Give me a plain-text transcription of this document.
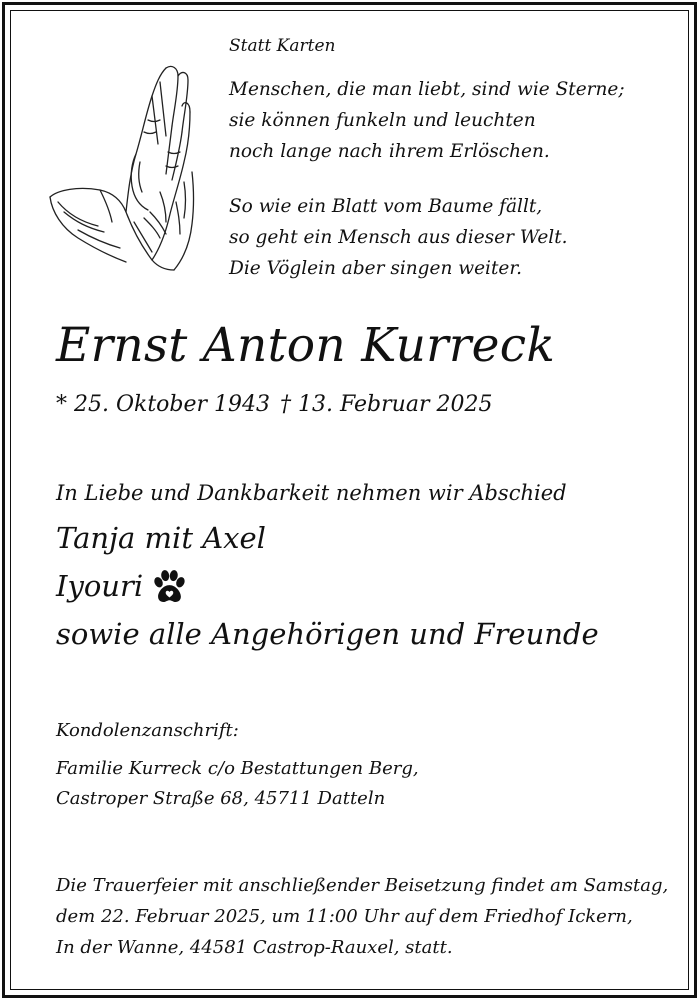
Statt Karten
Menschen, die man liebt, sind wie Sterne;
sie können funkeln und leuchten
noch lange nach ihrem Erlöschen.
So wie ein Blatt vom Baume fällt,
so geht ein Mensch aus dieser Welt.
Die Vöglein aber singen weiter.
Ernst Anton Kurreck
* 25. Oktober 1943 † 13. Februar 2025
In Liebe und Dankbarkeit nehmen wir Abschied
Tanja mit Axel
Iyouri
sowie alle Angehörigen und Freunde
Kondolenzanschrift:
Familie Kurreck c/o Bestattungen Berg,
Castroper Straße 68, 45711 Datteln
Die Trauerfeier mit anschließender Beisetzung findet am Samstag,
dem 22. Februar 2025, um 11:00 Uhr auf dem Friedhof Ickern,
In der Wanne, 44581 Castrop-Rauxel, statt.
